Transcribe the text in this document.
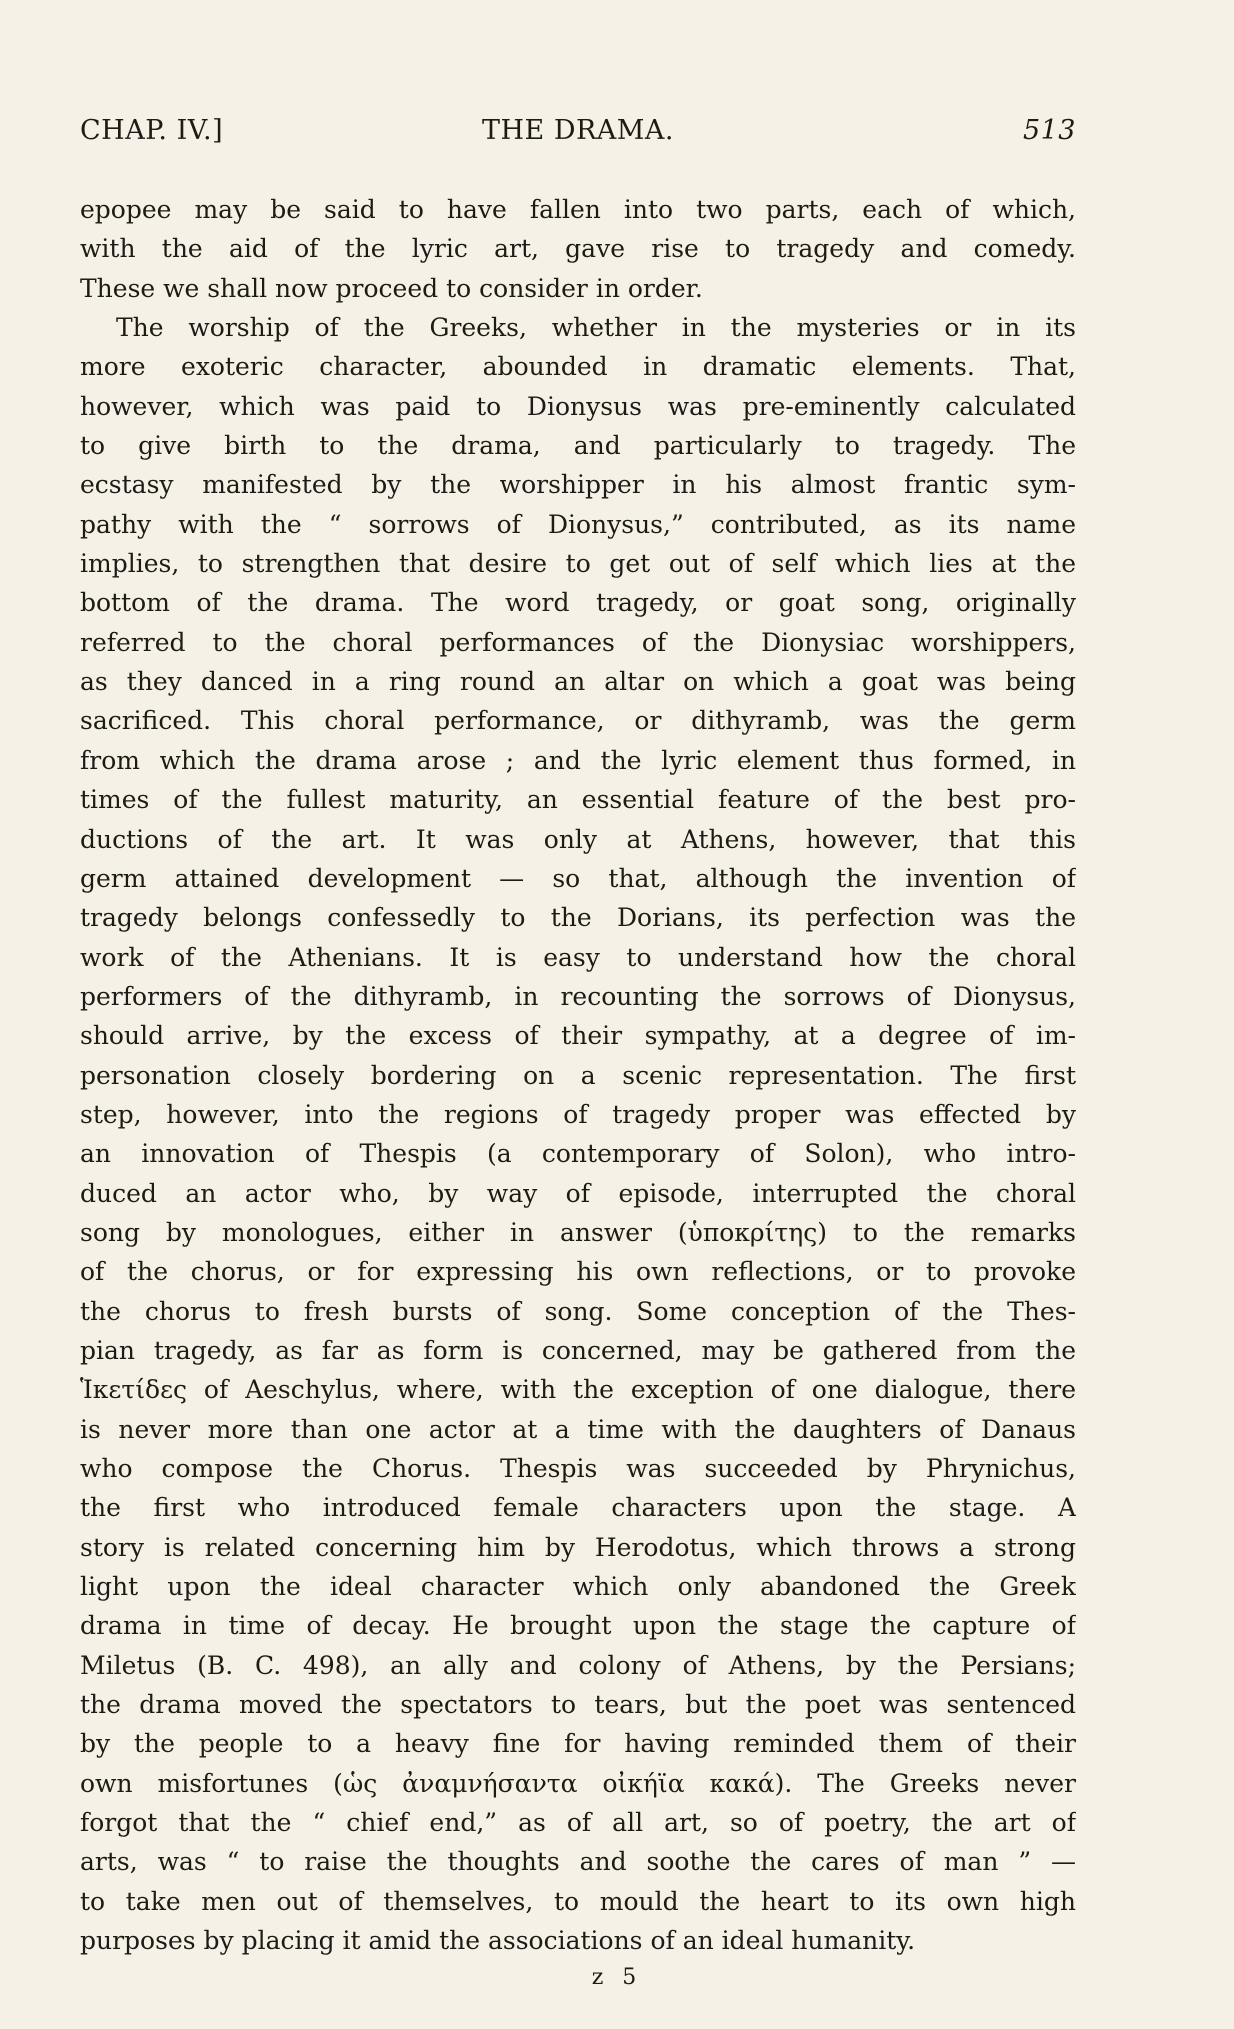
CHAP. IV.]	THE DRAMA.	513
epopee may be said to have fallen into two parts, each of which,
with the aid of the lyric art, gave rise to tragedy and comedy.
These we shall now proceed to consider in order.
The worship of the Greeks, whether in the mysteries or in its
more exoteric character, abounded in dramatic elements. That,
however, which was paid to Dionysus was pre-eminently calculated
to give birth to the drama, and particularly to tragedy. The
ecstasy manifested by the worshipper in his almost frantic sym-
pathy with the “ sorrows of Dionysus,” contributed, as its name
implies, to strengthen that desire to get out of self which lies at the
bottom of the drama. The word tragedy, or goat song, originally
referred to the choral performances of the Dionysiac worshippers,
as they danced in a ring round an altar on which a goat was being
sacrificed. This choral performance, or dithyramb, was the germ
from which the drama arose ; and the lyric element thus formed, in
times of the fullest maturity, an essential feature of the best pro-
ductions of the art. It was only at Athens, however, that this
germ attained development — so that, although the invention of
tragedy belongs confessedly to the Dorians, its perfection was the
work of the Athenians. It is easy to understand how the choral
performers of the dithyramb, in recounting the sorrows of Dionysus,
should arrive, by the excess of their sympathy, at a degree of im-
personation closely bordering on a scenic representation. The first
step, however, into the regions of tragedy proper was effected by
an innovation of Thespis (a contemporary of Solon), who intro-
duced an actor who, by way of episode, interrupted the choral
song by monologues, either in answer (ὑποκρίτης) to the remarks
of the chorus, or for expressing his own reflections, or to provoke
the chorus to fresh bursts of song. Some conception of the Thes-
pian tragedy, as far as form is concerned, may be gathered from the
Ἱκετίδες of Aeschylus, where, with the exception of one dialogue, there
is never more than one actor at a time with the daughters of Danaus
who compose the Chorus. Thespis was succeeded by Phrynichus,
the first who introduced female characters upon the stage. A
story is related concerning him by Herodotus, which throws a strong
light upon the ideal character which only abandoned the Greek
drama in time of decay. He brought upon the stage the capture of
Miletus (B. C. 498), an ally and colony of Athens, by the Persians;
the drama moved the spectators to tears, but the poet was sentenced
by the people to a heavy fine for having reminded them of their
own misfortunes (ὡς ἀναμνήσαντα οἰκήϊα κακά). The Greeks never
forgot that the “ chief end,” as of all art, so of poetry, the art of
arts, was “ to raise the thoughts and soothe the cares of man ” —
to take men out of themselves, to mould the heart to its own high
purposes by placing it amid the associations of an ideal humanity.
z 5
